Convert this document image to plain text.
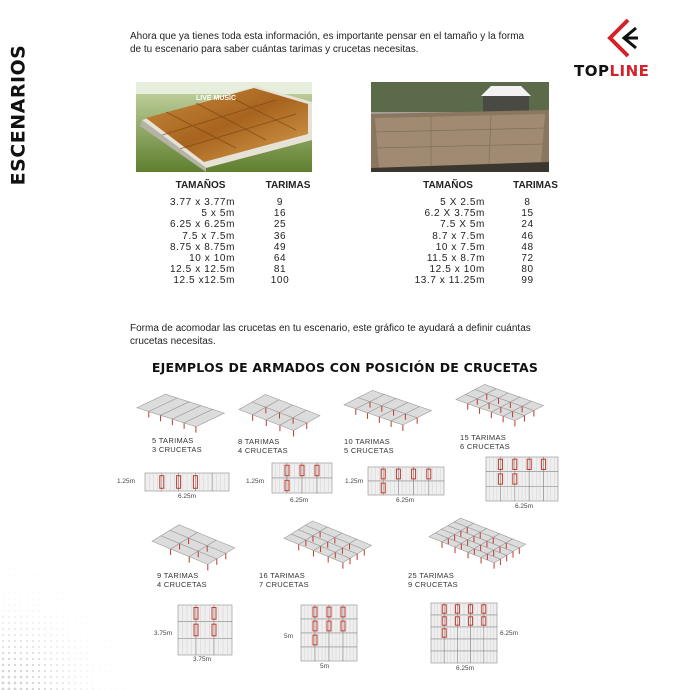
ESCENARIOS
Ahora que ya tienes toda esta información, es importante pensar en el tamaño y la forma de tu escenario para saber cuántas tarimas y crucetas necesitas.
TOPLINE
LIVE MUSIC
TAMAÑOS	TARIMAS
3.77 x 3.77m	9
5 x 5m	16
6.25 x 6.25m	25
7.5 x 7.5m	36
8.75 x 8.75m	49
10 x 10m	64
12.5 x 12.5m	81
12.5 x12.5m	100
TAMAÑOS	TARIMAS
5 X 2.5m	8
6.2 X 3.75m	15
7.5 X 5m	24
8.7 x 7.5m	46
10 x 7.5m	48
11.5 x 8.7m	72
12.5 x 10m	80
13.7 x 11.25m	99
Forma de acomodar las crucetas en tu escenario, este gráfico te ayudará a definir cuántas crucetas necesitas.
EJEMPLOS DE ARMADOS CON POSICIÓN DE CRUCETAS
5 TARIMAS
3 CRUCETAS
1.25m
6.25m
8 TARIMAS
4 CRUCETAS
1.25m
6.25m
10 TARIMAS
5 CRUCETAS
1.25m
6.25m
15 TARIMAS
6 CRUCETAS
6.25m
9 TARIMAS
4 CRUCETAS
3.75m
3.75m
16 TARIMAS
7 CRUCETAS
5m
5m
25 TARIMAS
9 CRUCETAS
6.25m
6.25m
